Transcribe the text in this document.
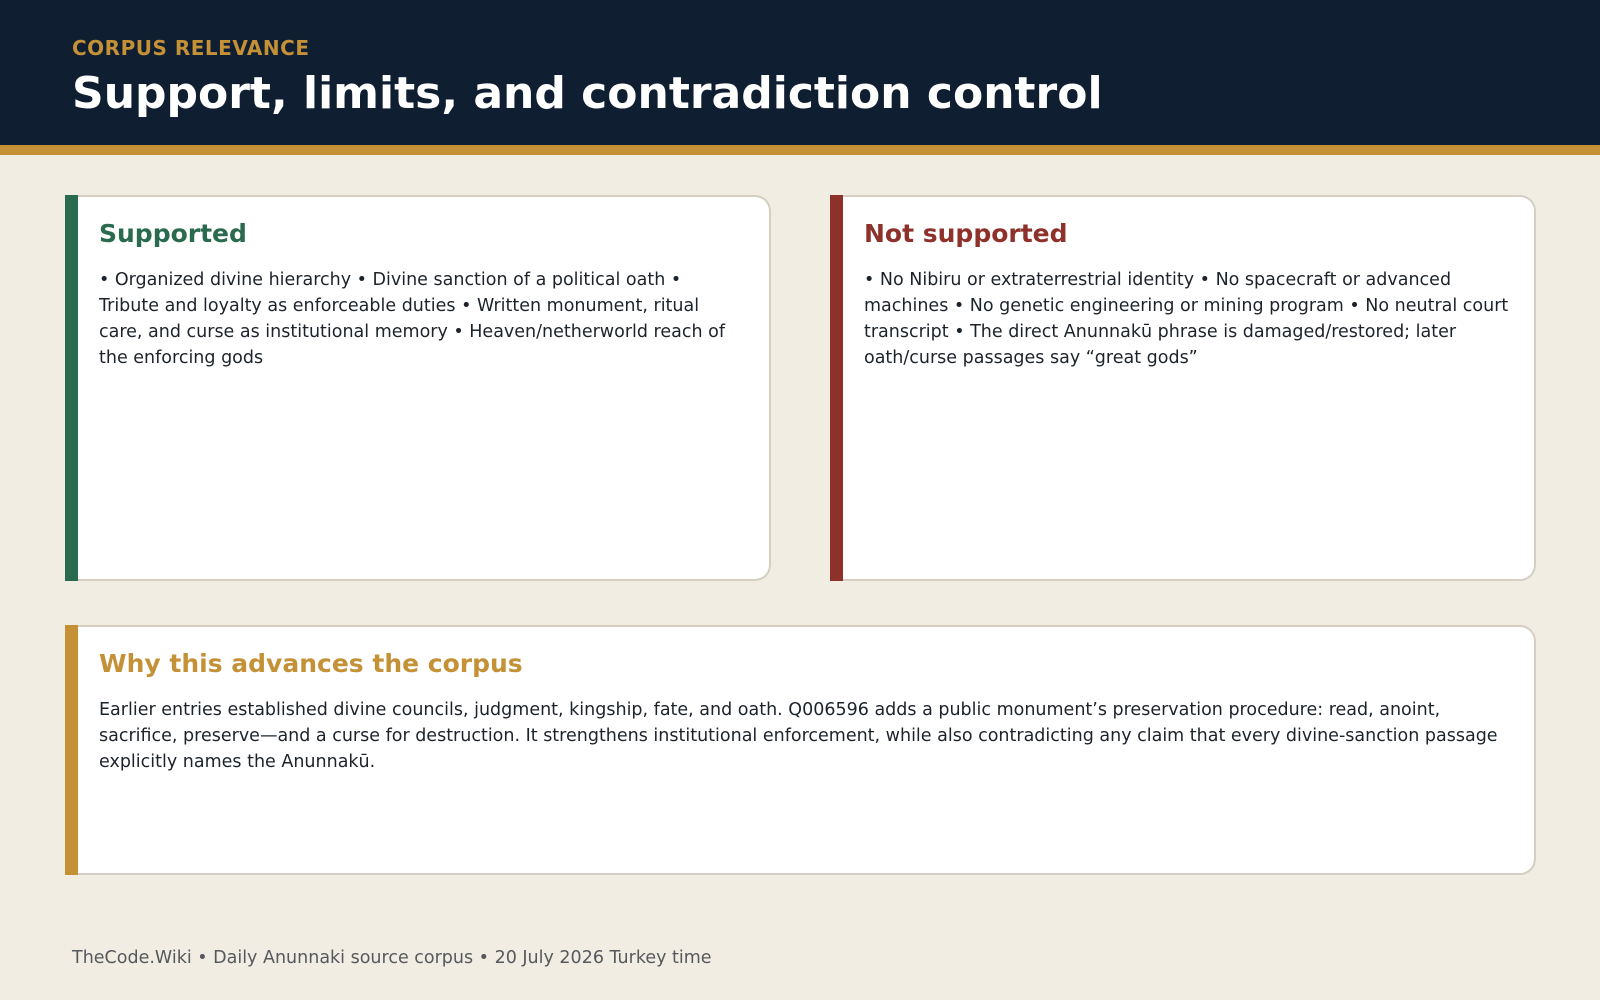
CORPUS RELEVANCE
Support, limits, and contradiction control
Supported

• Organized divine hierarchy • Divine sanction of a political oath • Tribute and loyalty as enforceable duties • Written monument, ritual care, and curse as institutional memory • Heaven/netherworld reach of the enforcing gods

Not supported

• No Nibiru or extraterrestrial identity • No spacecraft or advanced machines • No genetic engineering or mining program • No neutral court transcript • The direct Anunnakū phrase is damaged/restored; later oath/curse passages say “great gods”

Why this advances the corpus

Earlier entries established divine councils, judgment, kingship, fate, and oath. Q006596 adds a public monument’s preservation procedure: read, anoint, sacrifice, preserve—and a curse for destruction. It strengthens institutional enforcement, while also contradicting any claim that every divine-sanction passage explicitly names the Anunnakū.

TheCode.Wiki • Daily Anunnaki source corpus • 20 July 2026 Turkey time
